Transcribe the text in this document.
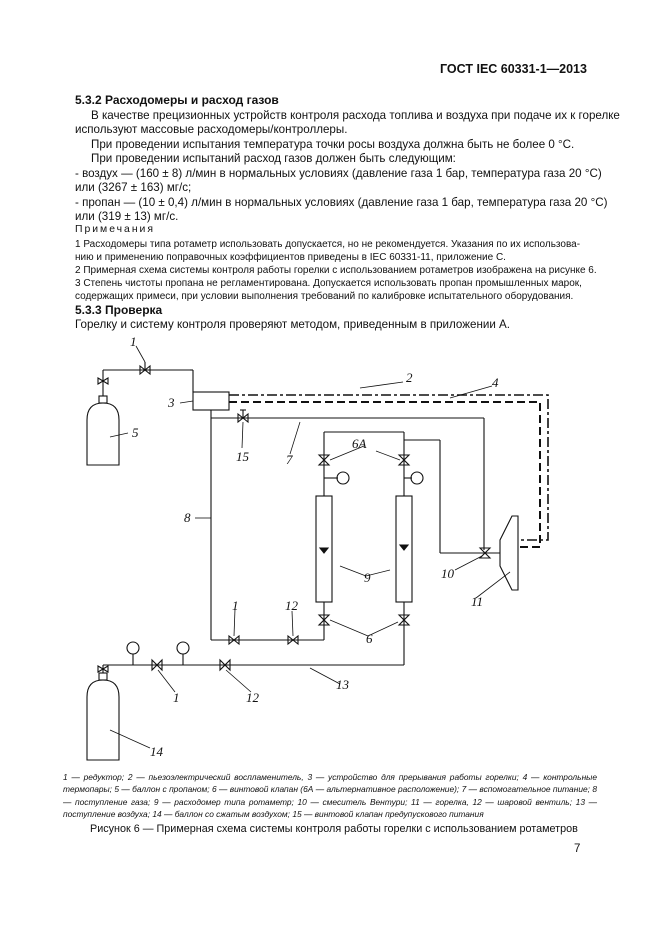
ГОСТ IEC 60331-1—2013
5.3.2 Расходомеры и расход газов
В качестве прецизионных устройств контроля расхода топлива и воздуха при подаче их к горелке
используют массовые расходомеры/контроллеры.
При проведении испытания температура точки росы воздуха должна быть не более 0 °С.
При проведении испытаний расход газов должен быть следующим:
- воздух — (160 ± 8) л/мин в нормальных условиях (давление газа 1 бар, температура газа 20 °С)
или (3267 ± 163) мг/с;
- пропан — (10 ± 0,4) л/мин в нормальных условиях (давление газа 1 бар, температура газа 20 °С)
или (319 ± 13) мг/с.
Примечания
1 Расходомеры типа ротаметр использовать допускается, но не рекомендуется. Указания по их использова-
нию и применению поправочных коэффициентов приведены в IEC 60331-11, приложение С.
2 Примерная схема системы контроля работы горелки с использованием ротаметров изображена на рисунке 6.
3 Степень чистоты пропана не регламентирована. Допускается использовать пропан промышленных марок,
содержащих примеси, при условии выполнения требований по калибровке испытательного оборудования.
5.3.3 Проверка
Горелку и систему контроля проверяют методом, приведенным в приложении А.
1
2
3
4
5
6А
7
8
15
9	10
11
1	12
6
1	12
13
14
1 — редуктор; 2 — пьезоэлектрический воспламенитель, 3 — устройство для прерывания работы горелки; 4 — контрольные термопары; 5 — баллон с пропаном; 6 — винтовой клапан (6А — альтернативное расположение); 7 — вспомогательное питание; 8 — поступление газа; 9 — расходомер типа ротаметр; 10 — смеситель Вентури; 11 — горелка, 12 — шаровой вентиль; 13 — поступление воздуха; 14 — баллон со сжатым воздухом; 15 — винтовой клапан предупускового питания
Рисунок 6 — Примерная схема системы контроля работы горелки с использованием ротаметров
7
